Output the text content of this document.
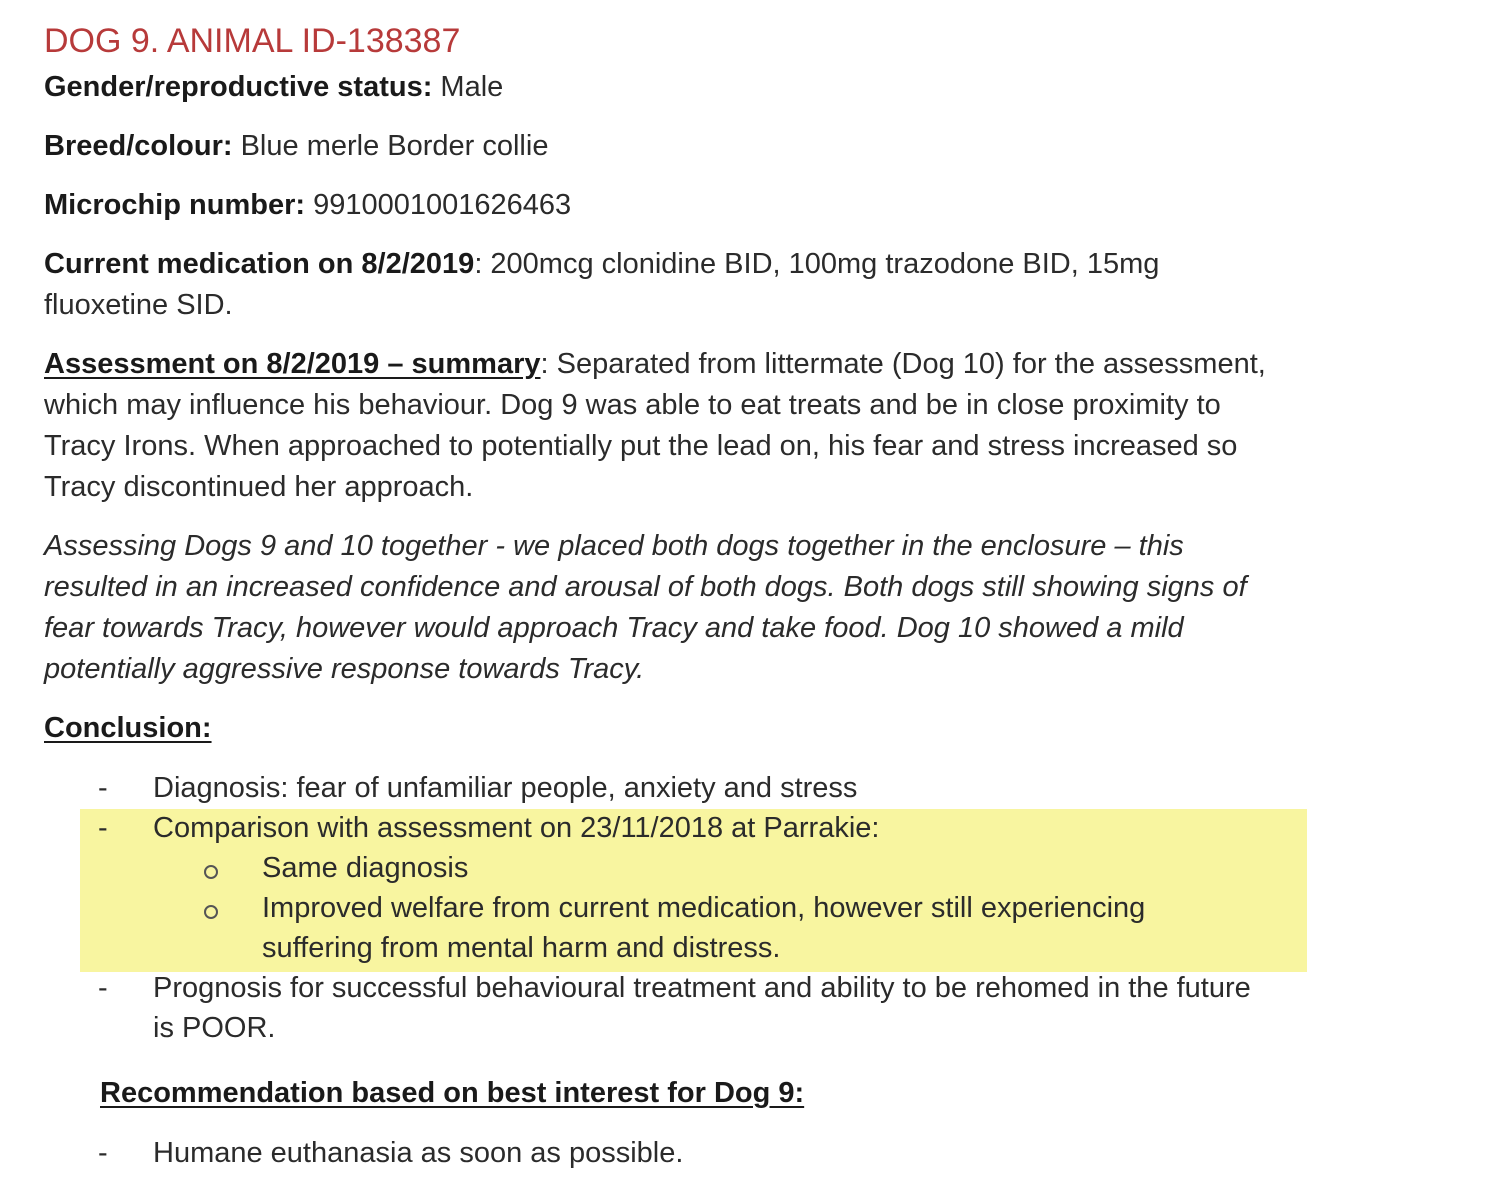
DOG 9. ANIMAL ID-138387
Gender/reproductive status: Male
Breed/colour: Blue merle Border collie
Microchip number: 9910001001626463
Current medication on 8/2/2019: 200mcg clonidine BID, 100mg trazodone BID, 15mg
fluoxetine SID.
Assessment on 8/2/2019 – summary: Separated from littermate (Dog 10) for the assessment,
which may influence his behaviour. Dog 9 was able to eat treats and be in close proximity to
Tracy Irons. When approached to potentially put the lead on, his fear and stress increased so
Tracy discontinued her approach.
Assessing Dogs 9 and 10 together - we placed both dogs together in the enclosure – this
resulted in an increased confidence and arousal of both dogs. Both dogs still showing signs of
fear towards Tracy, however would approach Tracy and take food. Dog 10 showed a mild
potentially aggressive response towards Tracy.
Conclusion:
- Diagnosis: fear of unfamiliar people, anxiety and stress
- Comparison with assessment on 23/11/2018 at Parrakie:
Same diagnosis
Improved welfare from current medication, however still experiencing
suffering from mental harm and distress.
- Prognosis for successful behavioural treatment and ability to be rehomed in the future
is POOR.
Recommendation based on best interest for Dog 9:
- Humane euthanasia as soon as possible.
